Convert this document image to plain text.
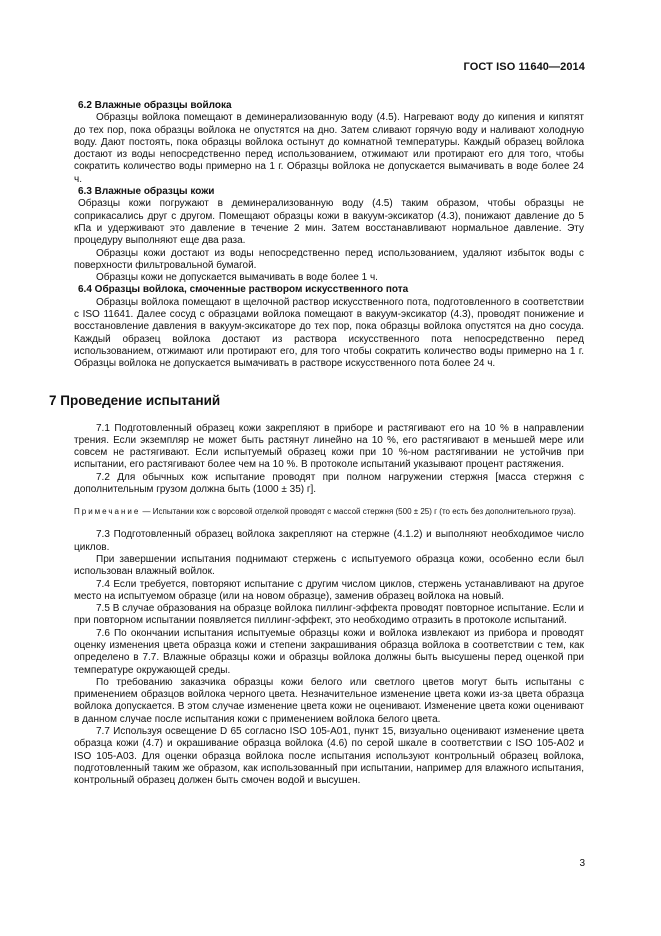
ГОСТ ISO 11640—2014

6.2 Влажные образцы войлока

Образцы войлока помещают в деминерализованную воду (4.5). Нагревают воду до кипения и кипятят до тех пор, пока образцы войлока не опустятся на дно. Затем сливают горячую воду и наливают холодную воду. Дают постоять, пока образцы войлока остынут до комнатной температуры. Каждый образец войлока достают из воды непосредственно перед использованием, отжимают или протирают его для того, чтобы сократить количество воды примерно на 1 г. Образцы войлока не допускается вымачивать в воде более 24 ч.

6.3 Влажные образцы кожи

Образцы кожи погружают в деминерализованную воду (4.5) таким образом, чтобы образцы не соприкасались друг с другом. Помещают образцы кожи в вакуум-эксикатор (4.3), понижают давление до 5 кПа и удерживают это давление в течение 2 мин. Затем восстанавливают нормальное давление. Эту процедуру выполняют еще два раза.

Образцы кожи достают из воды непосредственно перед использованием, удаляют избыток воды с поверхности фильтровальной бумагой.

Образцы кожи не допускается вымачивать в воде более 1 ч.

6.4 Образцы войлока, смоченные раствором искусственного пота

Образцы войлока помещают в щелочной раствор искусственного пота, подготовленного в соответствии с ISO 11641. Далее сосуд с образцами войлока помещают в вакуум-эксикатор (4.3), проводят понижение и восстановление давления в вакуум-эксикаторе до тех пор, пока образцы войлока опустятся на дно сосуда. Каждый образец войлока достают из раствора искусственного пота непосредственно перед использованием, отжимают или протирают его, для того чтобы сократить количество воды примерно на 1 г. Образцы войлока не допускается вымачивать в растворе искусственного пота более 24 ч.

7 Проведение испытаний

7.1 Подготовленный образец кожи закрепляют в приборе и растягивают его на 10 % в направлении трения. Если экземпляр не может быть растянут линейно на 10 %, его растягивают в меньшей мере или совсем не растягивают. Если испытуемый образец кожи при 10 %-ном растягивании не устойчив при испытании, его растягивают более чем на 10 %. В протоколе испытаний указывают процент растяжения.

7.2 Для обычных кож испытание проводят при полном нагружении стержня [масса стержня с дополнительным грузом должна быть (1000 ± 35) г].

Примечание — Испытании кож с ворсовой отделкой проводят с массой стержня (500 ± 25) г (то есть без дополнительного груза).

7.3 Подготовленный образец войлока закрепляют на стержне (4.1.2) и выполняют необходимое число циклов.

При завершении испытания поднимают стержень с испытуемого образца кожи, особенно если был использован влажный войлок.

7.4 Если требуется, повторяют испытание с другим числом циклов, стержень устанавливают на другое место на испытуемом образце (или на новом образце), заменив образец войлока на новый.

7.5 В случае образования на образце войлока пиллинг-эффекта проводят повторное испытание. Если и при повторном испытании появляется пиллинг-эффект, это необходимо отразить в протоколе испытаний.

7.6 По окончании испытания испытуемые образцы кожи и войлока извлекают из прибора и проводят оценку изменения цвета образца кожи и степени закрашивания образца войлока в соответствии с тем, как определено в 7.7. Влажные образцы кожи и образцы войлока должны быть высушены перед оценкой при температуре окружающей среды.

По требованию заказчика образцы кожи белого или светлого цветов могут быть испытаны с применением образцов войлока черного цвета. Незначительное изменение цвета кожи из-за цвета образца войлока допускается. В этом случае изменение цвета кожи не оценивают. Изменение цвета кожи оценивают в данном случае после испытания кожи с применением войлока белого цвета.

7.7 Используя освещение D 65 согласно ISO 105-A01, пункт 15, визуально оценивают изменение цвета образца кожи (4.7) и окрашивание образца войлока (4.6) по серой шкале в соответствии с ISO 105-A02 и ISO 105-A03. Для оценки образца войлока после испытания используют контрольный образец войлока, подготовленный таким же образом, как использованный при испытании, например для влажного испытания, контрольный образец должен быть смочен водой и высушен.

3
